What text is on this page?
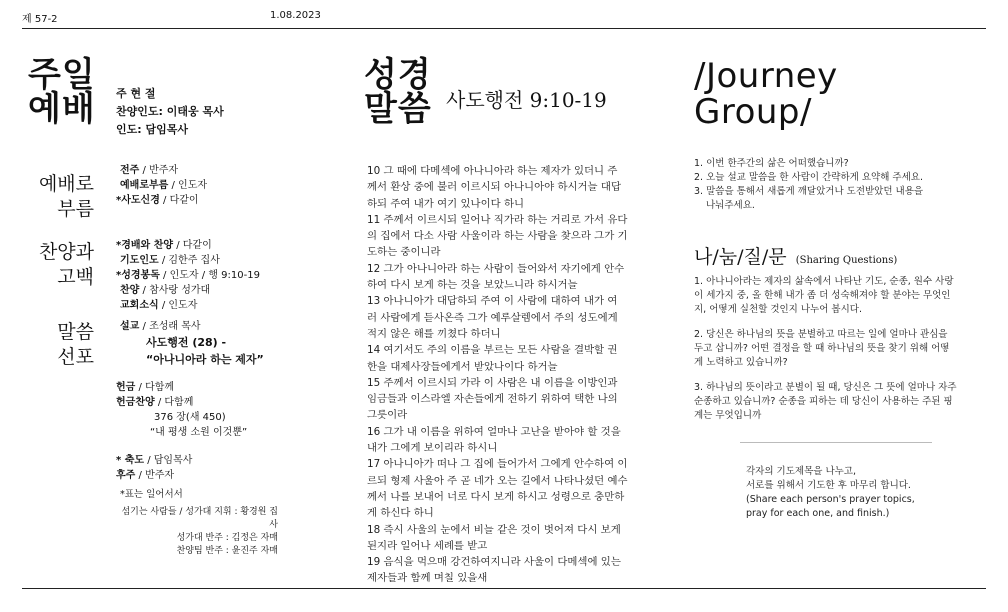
제 57-2	1.08.2023
주일
예배 주 현 절
찬양인도: 이태웅 목사
인도: 담임목사
예배로
부름
전주 / 반주자
예배로부름 / 인도자
*사도신경 / 다같이
찬양과
고백
*경배와 찬양 / 다같이
기도인도 / 김한주 집사
*성경봉독 / 인도자 / 행 9:10-19
찬양 / 참사랑 성가대
교회소식 / 인도자
말씀
선포
설교 / 조성래 목사
사도행전 (28) -
“아나니아라 하는 제자”
헌금 / 다함께
헌금찬양 / 다함께
376 장(새 450)
“내 평생 소원 이것뿐”
* 축도 / 담임목사
후주 / 반주자
*표는 일어서서
섬기는 사람들 / 성가대 지휘 : 황경원 집사
성가대 반주 : 김정은 자매
찬양팀 반주 : 윤진주 자매
성경
말씀 사도행전 9:10-19

10 그 때에 다메섹에 아나니아라 하는 제자가 있더니 주

께서 환상 중에 불러 이르시되 아나니아야 하시거늘 대답

하되 주여 내가 여기 있나이다 하니

11 주께서 이르시되 일어나 직가라 하는 거리로 가서 유다

의 집에서 다소 사람 사울이라 하는 사람을 찾으라 그가 기

도하는 중이니라

12 그가 아나니아라 하는 사람이 들어와서 자기에게 안수

하여 다시 보게 하는 것을 보았느니라 하시거늘

13 아나니아가 대답하되 주여 이 사람에 대하여 내가 여

러 사람에게 듣사온즉 그가 예루살렘에서 주의 성도에게

적지 않은 해를 끼쳤다 하더니

14 여기서도 주의 이름을 부르는 모든 사람을 결박할 권

한을 대제사장들에게서 받았나이다 하거늘

15 주께서 이르시되 가라 이 사람은 내 이름을 이방인과

임금들과 이스라엘 자손들에게 전하기 위하여 택한 나의

그릇이라

16 그가 내 이름을 위하여 얼마나 고난을 받아야 할 것을

내가 그에게 보이리라 하시니

17 아나니아가 떠나 그 집에 들어가서 그에게 안수하여 이

르되 형제 사울아 주 곧 네가 오는 길에서 나타나셨던 예수

께서 나를 보내어 너로 다시 보게 하시고 성령으로 충만하

게 하신다 하니

18 즉시 사울의 눈에서 비늘 같은 것이 벗어져 다시 보게

된지라 일어나 세례를 받고

19 음식을 먹으매 강건하여지니라 사울이 다메섹에 있는

제자들과 함께 며칠 있을새

/Journey
Group/

1. 이번 한주간의 삶은 어떠했습니까?

2. 오늘 설교 말씀을 한 사람이 간략하게 요약해 주세요.

3. 말씀을 통해서 새롭게 깨달았거나 도전받았던 내용을

나눠주세요.

나/눔/질/문 (Sharing Questions)

1. 아나니아라는 제자의 삶속에서 나타난 기도, 순종, 원수 사랑

이 세가지 중, 올 한해 내가 좀 더 성숙해져야 할 분야는 무엇인

지, 어떻게 실천할 것인지 나누어 봅시다.

2. 당신은 하나님의 뜻을 분별하고 따르는 일에 얼마나 관심을

두고 삽니까? 어떤 결정을 할 때 하나님의 뜻을 찾기 위해 어떻

게 노력하고 있습니까?

3. 하나님의 뜻이라고 분별이 될 때, 당신은 그 뜻에 얼마나 자주

순종하고 있습니까? 순종을 피하는 데 당신이 사용하는 주된 핑

계는 무엇입니까

각자의 기도제목을 나누고,
서로를 위해서 기도한 후 마무리 합니다.
(Share each person's prayer topics,
pray for each one, and finish.)
